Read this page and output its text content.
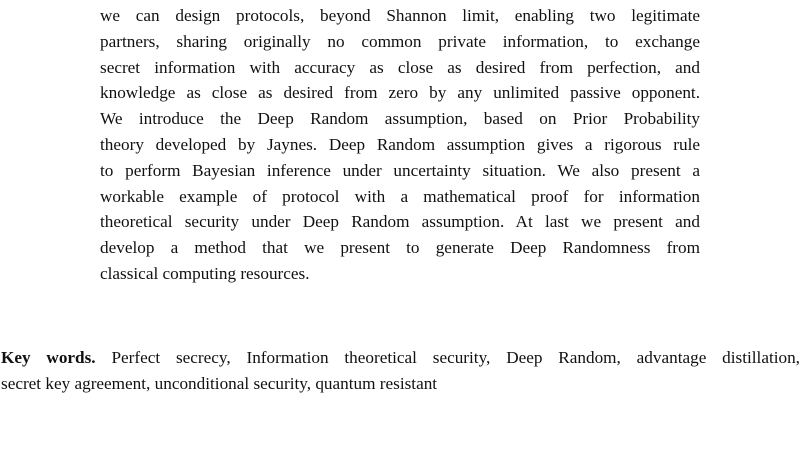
we can design protocols, beyond Shannon limit, enabling two legitimate
partners, sharing originally no common private information, to exchange
secret information with accuracy as close as desired from perfection, and
knowledge as close as desired from zero by any unlimited passive opponent.
We introduce the Deep Random assumption, based on Prior Probability
theory developed by Jaynes. Deep Random assumption gives a rigorous rule
to perform Bayesian inference under uncertainty situation. We also present a
workable example of protocol with a mathematical proof for information
theoretical security under Deep Random assumption. At last we present and
develop a method that we present to generate Deep Randomness from
classical computing resources.
Key words. Perfect secrecy, Information theoretical security, Deep Random, advantage distillation,
secret key agreement, unconditional security, quantum resistant
